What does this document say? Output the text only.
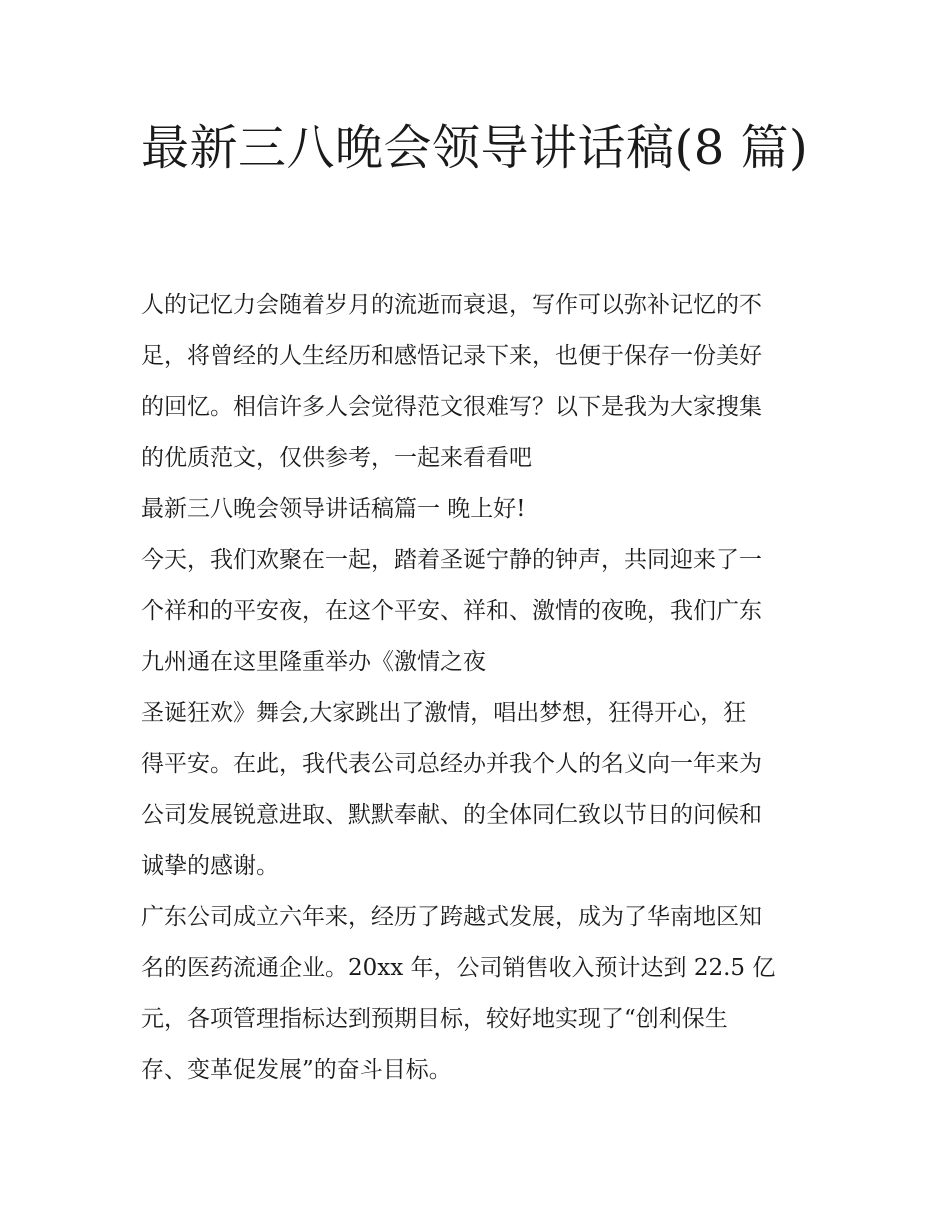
最新三八晚会领导讲话稿(8 篇)

人的记忆力会随着岁月的流逝而衰退，写作可以弥补记忆的不
足，将曾经的人生经历和感悟记录下来，也便于保存一份美好
的回忆。相信许多人会觉得范文很难写？以下是我为大家搜集
的优质范文，仅供参考，一起来看看吧

最新三八晚会领导讲话稿篇一 晚上好!

今天，我们欢聚在一起，踏着圣诞宁静的钟声，共同迎来了一
个祥和的平安夜，在这个平安、祥和、激情的夜晚，我们广东
九州通在这里隆重举办《激情之夜

圣诞狂欢》舞会,大家跳出了激情，唱出梦想，狂得开心，狂
得平安。在此，我代表公司总经办并我个人的名义向一年来为
公司发展锐意进取、默默奉献、的全体同仁致以节日的问候和
诚挚的感谢。

广东公司成立六年来，经历了跨越式发展，成为了华南地区知
名的医药流通企业。20xx 年，公司销售收入预计达到 22.5 亿
元，各项管理指标达到预期目标，较好地实现了“创利保生
存、变革促发展”的奋斗目标。
